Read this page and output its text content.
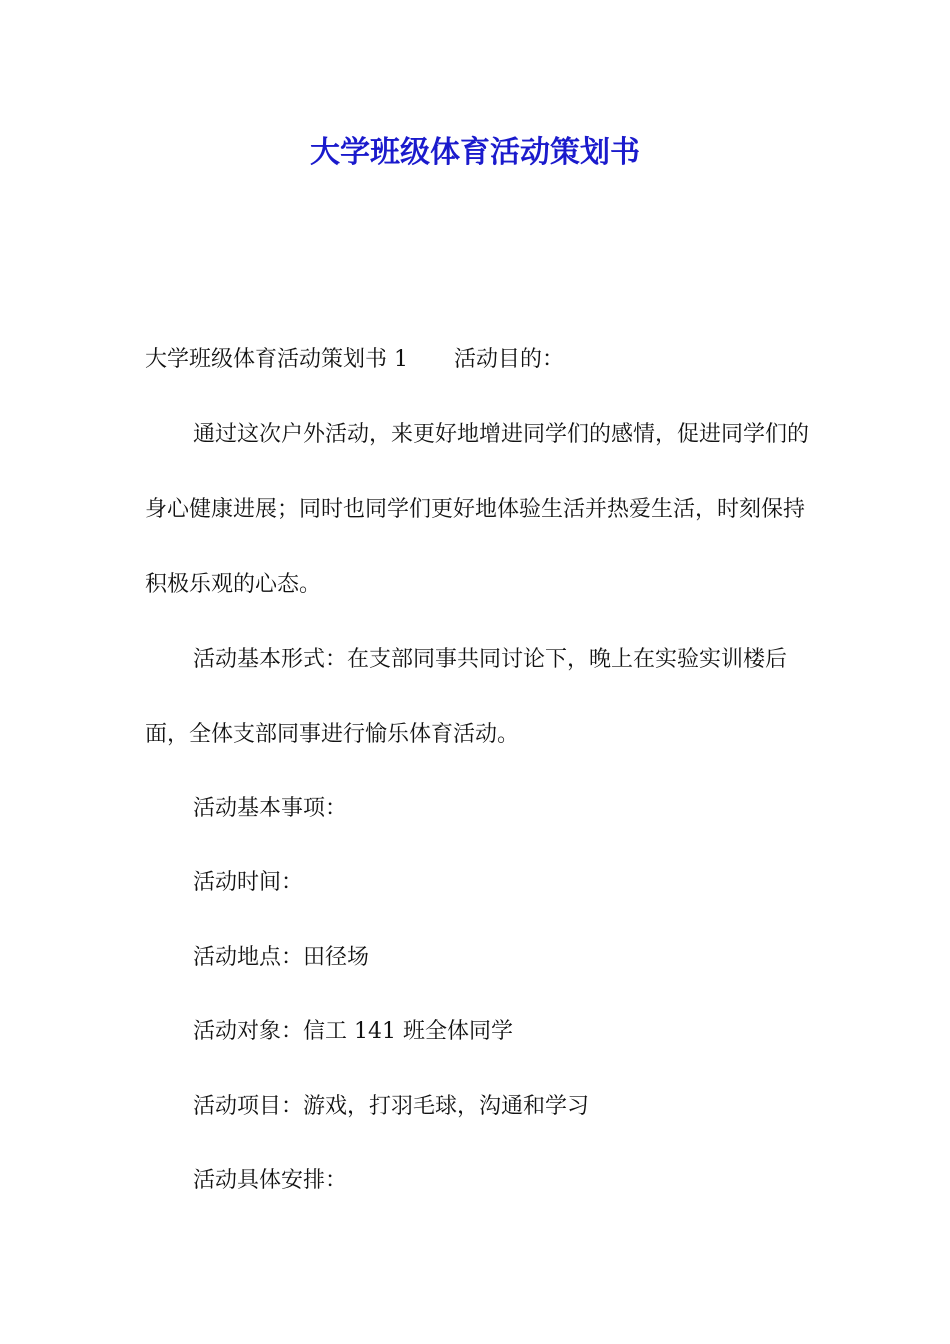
大学班级体育活动策划书

大学班级体育活动策划书 1 活动目的：

通过这次户外活动，来更好地增进同学们的感情，促进同学们的身心健康进展；同时也同学们更好地体验生活并热爱生活，时刻保持积极乐观的心态。

活动基本形式：在支部同事共同讨论下，晚上在实验实训楼后面，全体支部同事进行愉乐体育活动。

活动基本事项：

活动时间：

活动地点：田径场

活动对象：信工 141 班全体同学

活动项目：游戏，打羽毛球，沟通和学习

活动具体安排：
